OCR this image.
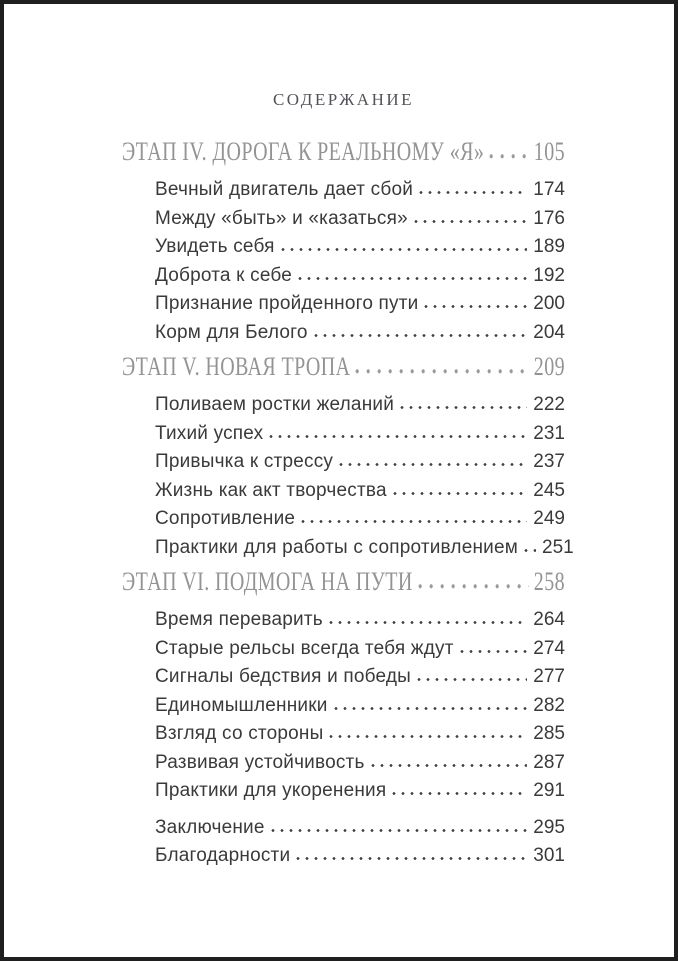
СОДЕРЖАНИЕ
ЭТАП IV. ДОРОГА К РЕАЛЬНОМУ «Я» 105
Вечный двигатель дает сбой	174
Между «быть» и «казаться»	176
Увидеть себя	189
Доброта к себе	192
Признание пройденного пути	200
Корм для Белого	204
ЭТАП V. НОВАЯ ТРОПА	209
Поливаем ростки желаний	222
Тихий успех	231
Привычка к стрессу	237
Жизнь как акт творчества	245
Сопротивление	249
Практики для работы с сопротивлением 251
ЭТАП VI. ПОДМОГА НА ПУТИ	258
Время переварить	264
Старые рельсы всегда тебя ждут	274
Сигналы бедствия и победы	277
Единомышленники	282
Взгляд со стороны	285
Развивая устойчивость	287
Практики для укоренения	291
Заключение	295
Благодарности	301
